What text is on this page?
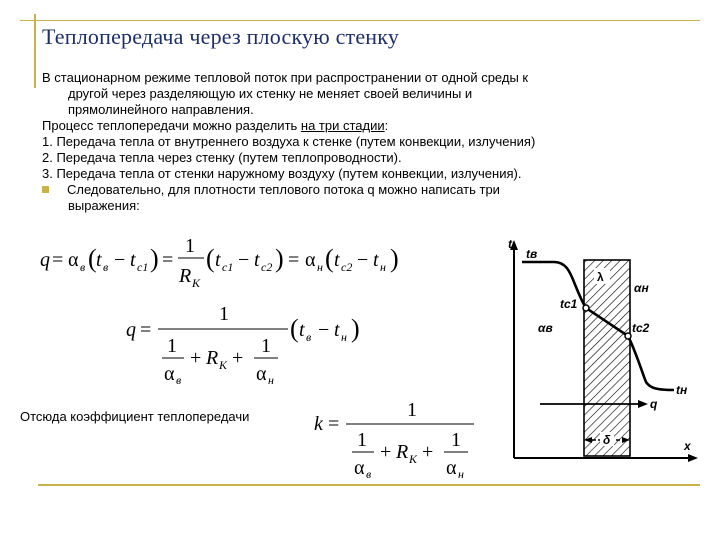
Теплопередача через плоскую стенку

В стационарном режиме тепловой поток при распространении от одной среды к

другой через разделяющую их стенку не меняет своей величины и

прямолинейного направления.

Процесс теплопередачи можно разделить на три стадии:

1. Передача тепла от внутреннего воздуха к стенке (путем конвекции, излучения)

2. Передача тепла через стенку (путем теплопроводности).

3. Передача тепла от стенки наружному воздуху (путем конвекции, излучения).

Следовательно, для плотности теплового потока q можно написать три

выражения:

q = α в ( t в − t c1 ) =
1
R K
( t c1 − t c2 ) = α н ( t c2 − t н )
q =
1
1
α в
+ R K +
1
α н
( t в − t н )
Отсюда коэффициент теплопередачи	k =
1
1
α в
+ R K +
1
α н
t
x
tв
λ
tc1
αв
αн
tc2
tн
q
δ
